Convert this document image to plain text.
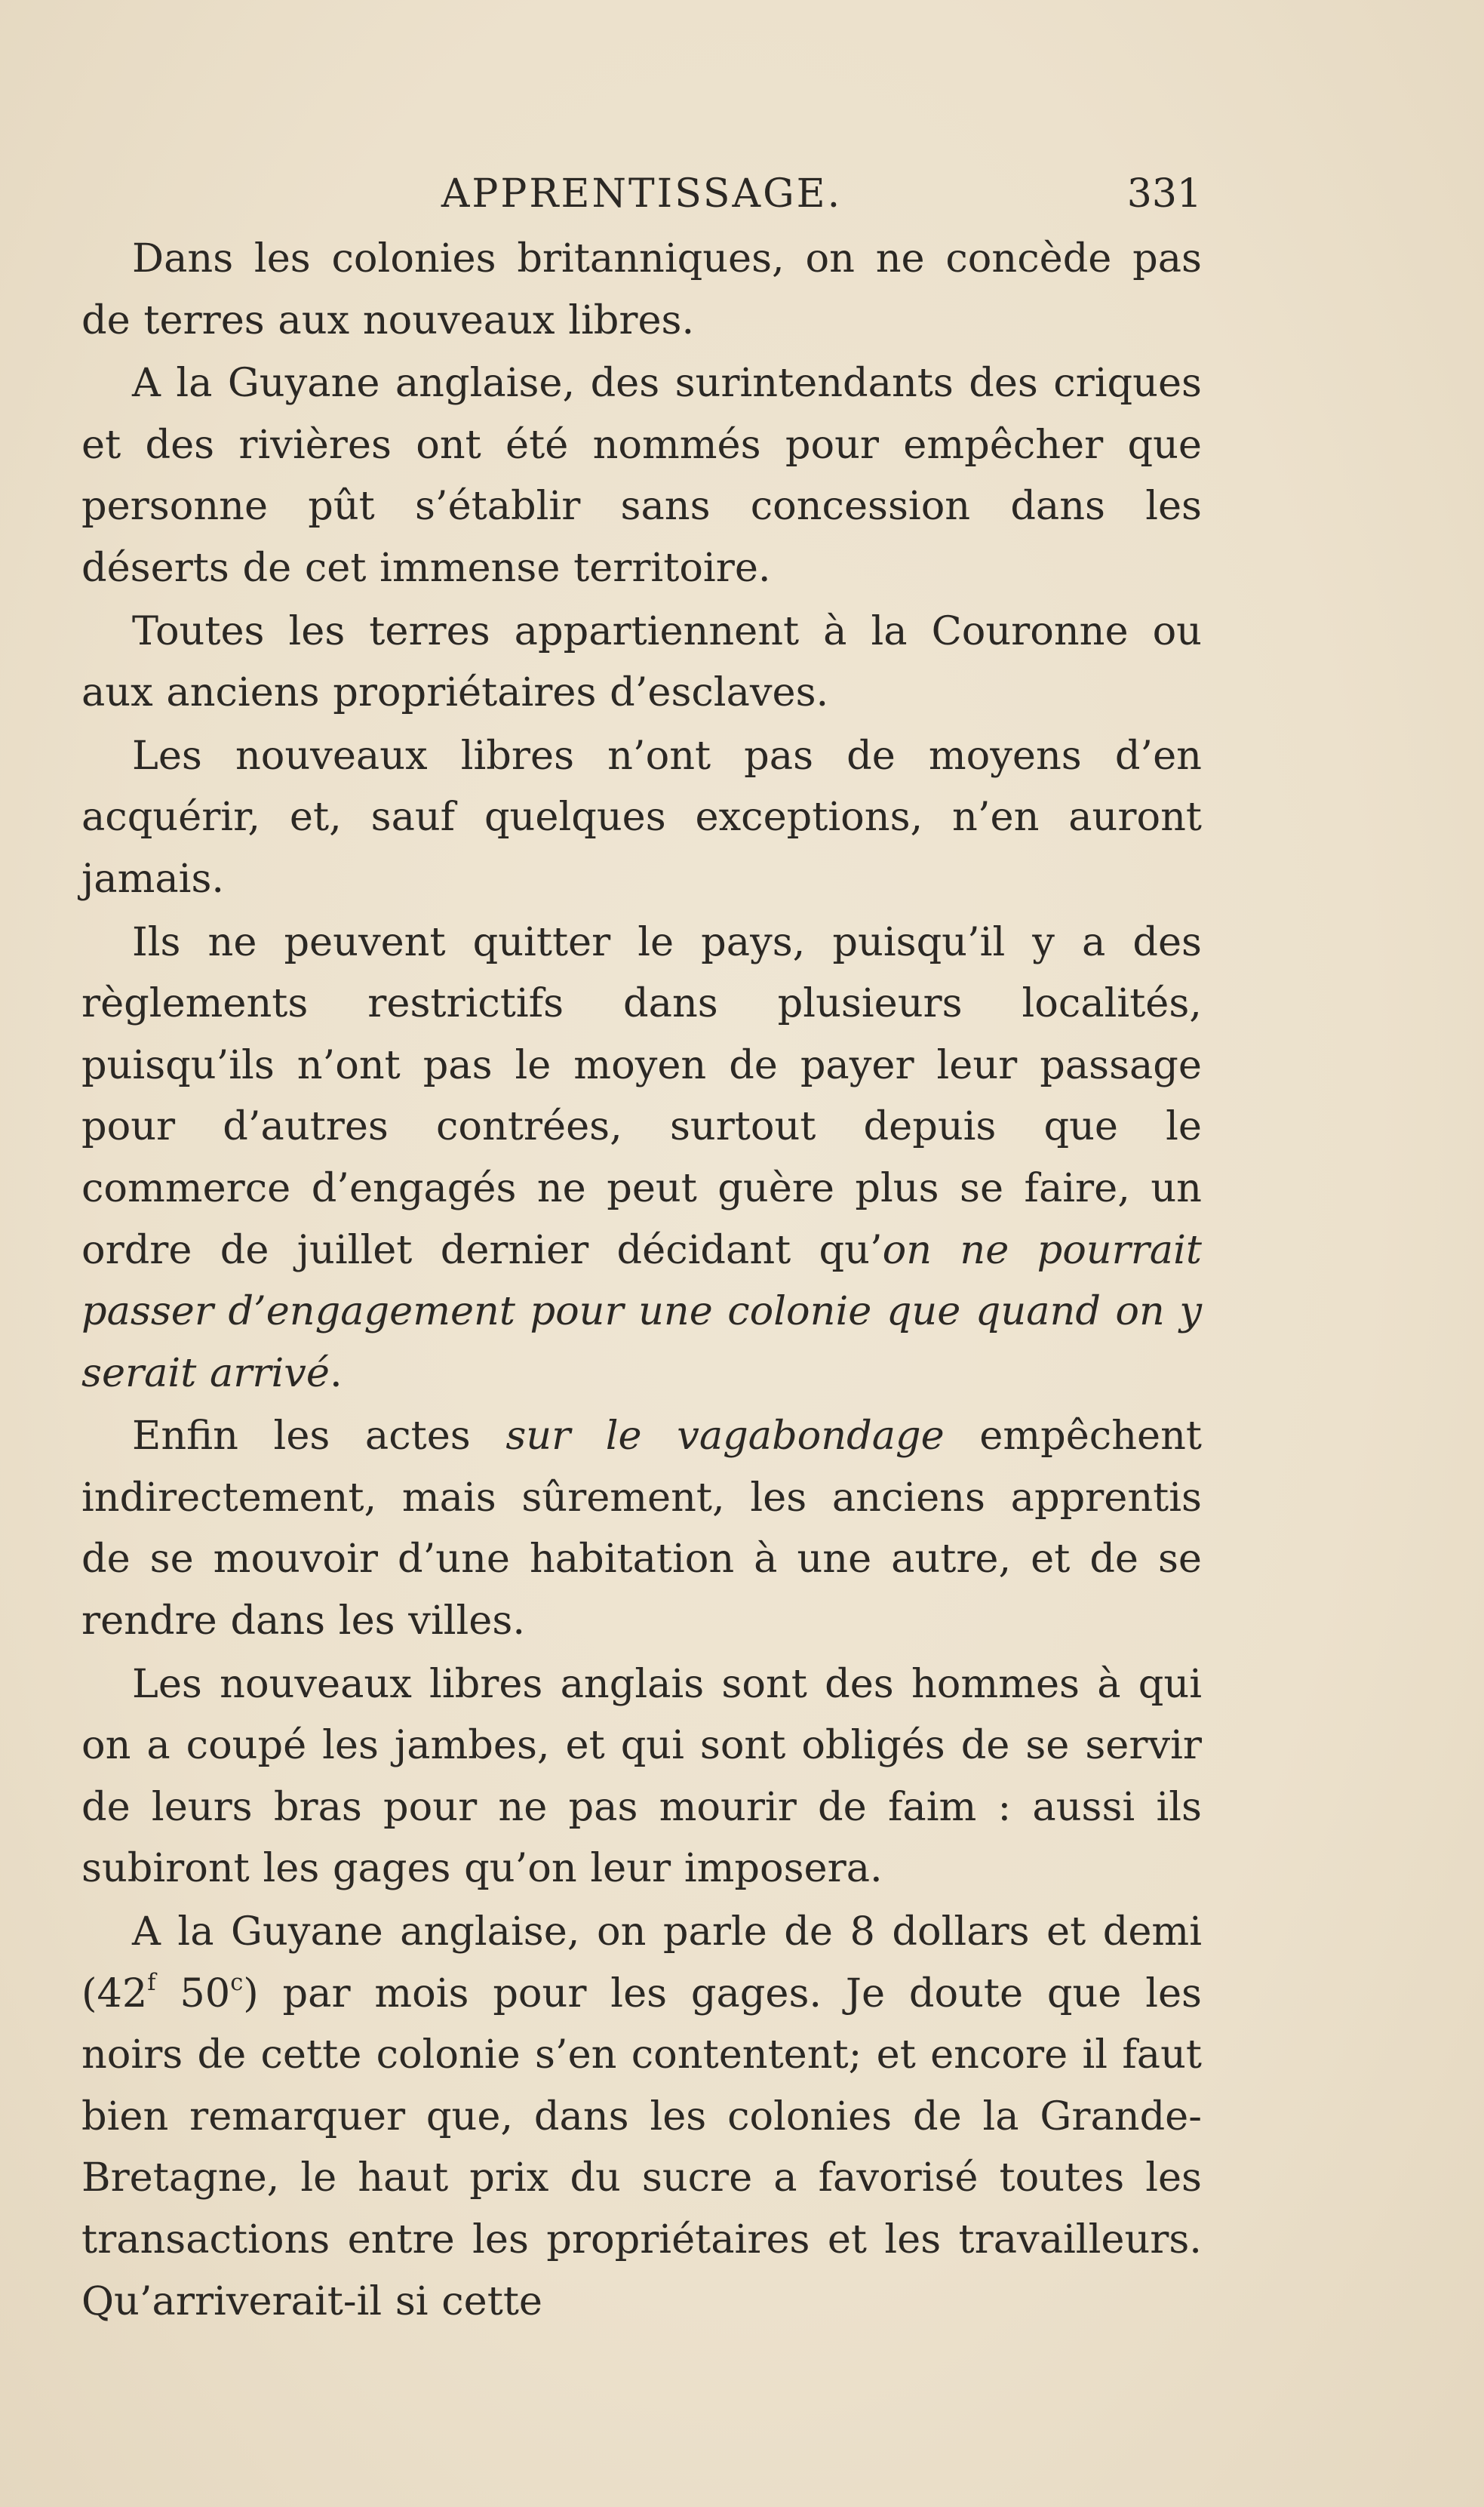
APPRENTISSAGE.	331

Dans les colonies britanniques, on ne concède pas de terres aux nouveaux libres.

A la Guyane anglaise, des surintendants des criques et des rivières ont été nommés pour empêcher que personne pût s’établir sans concession dans les déserts de cet immense territoire.

Toutes les terres appartiennent à la Couronne ou aux anciens propriétaires d’esclaves.

Les nouveaux libres n’ont pas de moyens d’en acquérir, et, sauf quelques exceptions, n’en auront jamais.

Ils ne peuvent quitter le pays, puisqu’il y a des règlements restrictifs dans plusieurs localités, puisqu’ils n’ont pas le moyen de payer leur passage pour d’autres contrées, surtout depuis que le commerce d’engagés ne peut guère plus se faire, un ordre de juillet dernier décidant qu’on ne pourrait passer d’engagement pour une colonie que quand on y serait arrivé.

Enfin les actes sur le vagabondage empêchent indirectement, mais sûrement, les anciens apprentis de se mouvoir d’une habitation à une autre, et de se rendre dans les villes.

Les nouveaux libres anglais sont des hommes à qui on a coupé les jambes, et qui sont obligés de se servir de leurs bras pour ne pas mourir de faim : aussi ils subiront les gages qu’on leur imposera.

A la Guyane anglaise, on parle de 8 dollars et demi (42$^f$ 50$^c$) par mois pour les gages. Je doute que les noirs de cette colonie s’en contentent; et encore il faut bien remarquer que, dans les colonies de la Grande-Bretagne, le haut prix du sucre a favorisé toutes les transactions entre les propriétaires et les travailleurs. Qu’arriverait-il si cette
